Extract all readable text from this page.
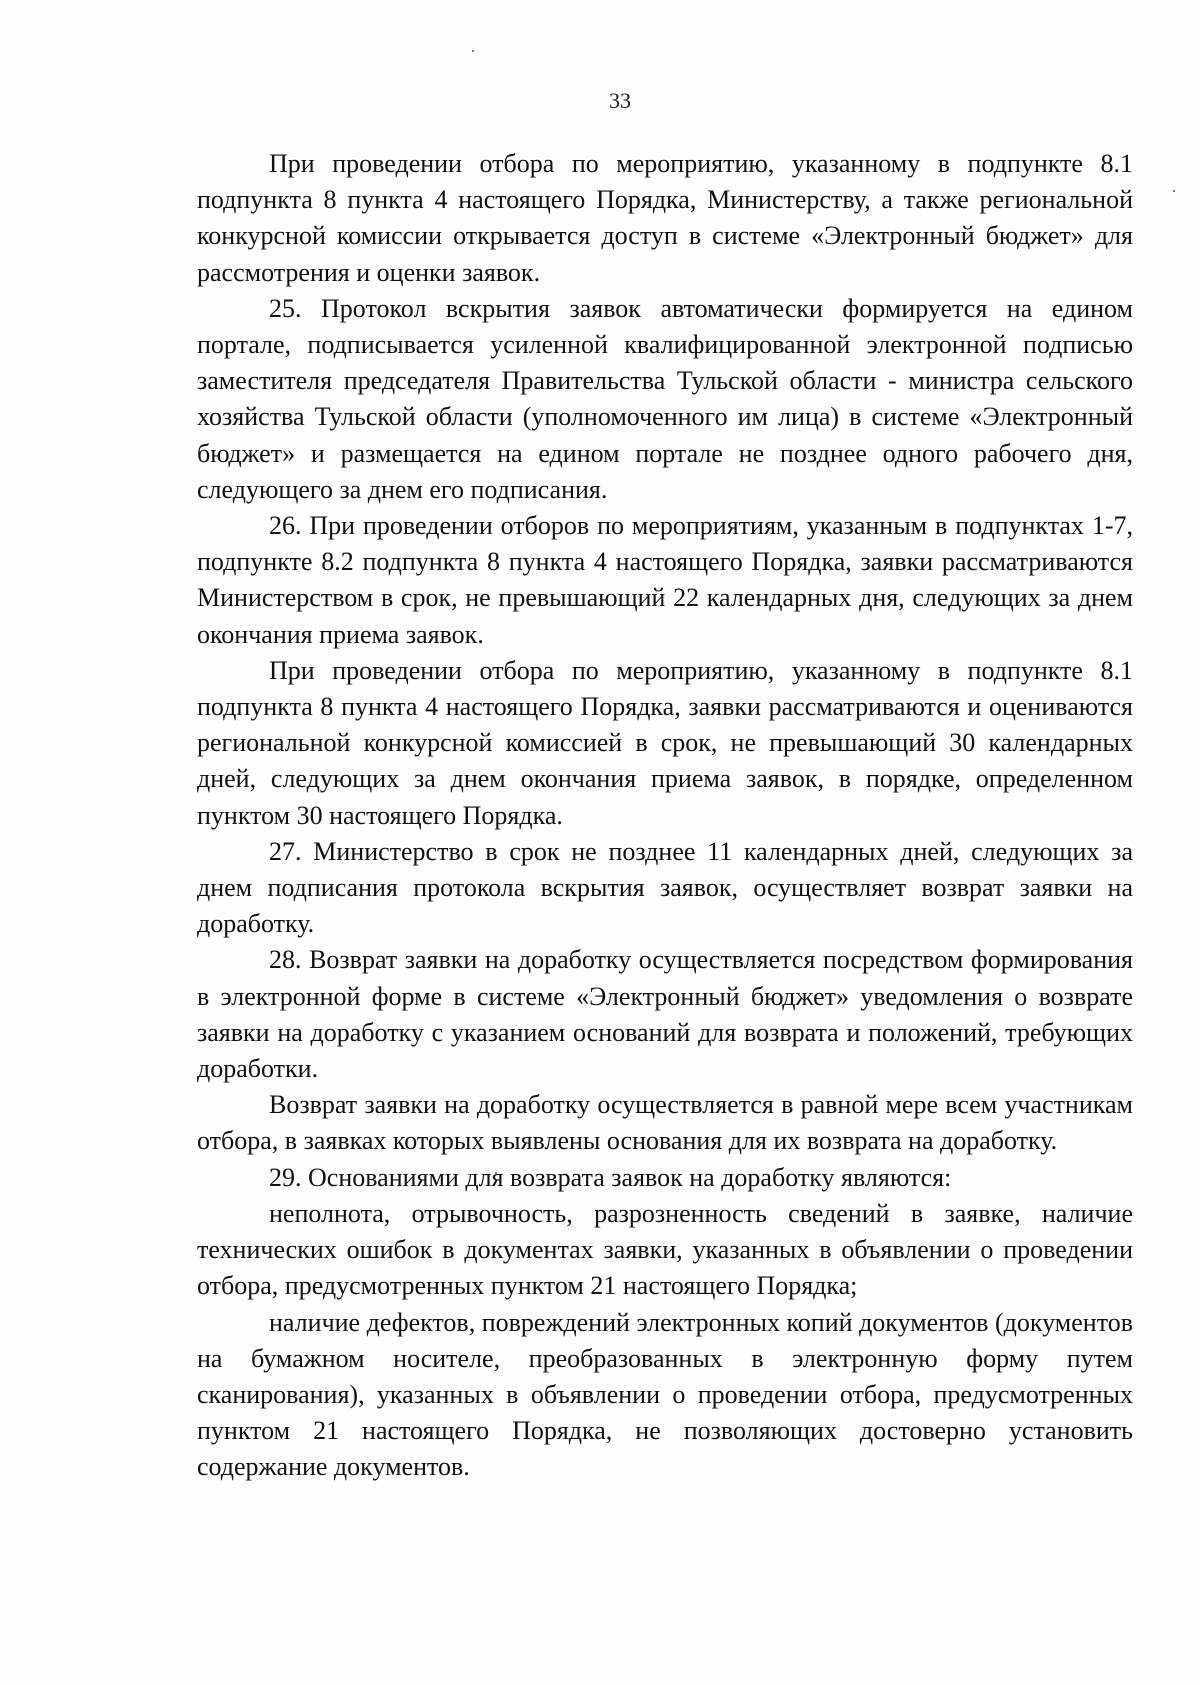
33

При проведении отбора по мероприятию, указанному в подпункте 8.1 подпункта 8 пункта 4 настоящего Порядка, Министерству, а также региональной конкурсной комиссии открывается доступ в системе «Электронный бюджет» для рассмотрения и оценки заявок.

25. Протокол вскрытия заявок автоматически формируется на едином портале, подписывается усиленной квалифицированной электронной подписью заместителя председателя Правительства Тульской области - министра сельского хозяйства Тульской области (уполномоченного им лица) в системе «Электронный бюджет» и размещается на едином портале не позднее одного рабочего дня, следующего за днем его подписания.

26. При проведении отборов по мероприятиям, указанным в подпунктах 1-7, подпункте 8.2 подпункта 8 пункта 4 настоящего Порядка, заявки рассматриваются Министерством в срок, не превышающий 22 календарных дня, следующих за днем окончания приема заявок.

При проведении отбора по мероприятию, указанному в подпункте 8.1 подпункта 8 пункта 4 настоящего Порядка, заявки рассматриваются и оцениваются региональной конкурсной комиссией в срок, не превышающий 30 календарных дней, следующих за днем окончания приема заявок, в порядке, определенном пунктом 30 настоящего Порядка.

27. Министерство в срок не позднее 11 календарных дней, следующих за днем подписания протокола вскрытия заявок, осуществляет возврат заявки на доработку.

28. Возврат заявки на доработку осуществляется посредством формирования в электронной форме в системе «Электронный бюджет» уведомления о возврате заявки на доработку с указанием оснований для возврата и положений, требующих доработки.

Возврат заявки на доработку осуществляется в равной мере всем участникам отбора, в заявках которых выявлены основания для их возврата на доработку.

29. Основаниями для возврата заявок на доработку являются:

неполнота, отрывочность, разрозненность сведений в заявке, наличие технических ошибок в документах заявки, указанных в объявлении о проведении отбора, предусмотренных пунктом 21 настоящего Порядка;

наличие дефектов, повреждений электронных копий документов (документов на бумажном носителе, преобразованных в электронную форму путем сканирования), указанных в объявлении о проведении отбора, предусмотренных пунктом 21 настоящего Порядка, не позволяющих достоверно установить содержание документов.
